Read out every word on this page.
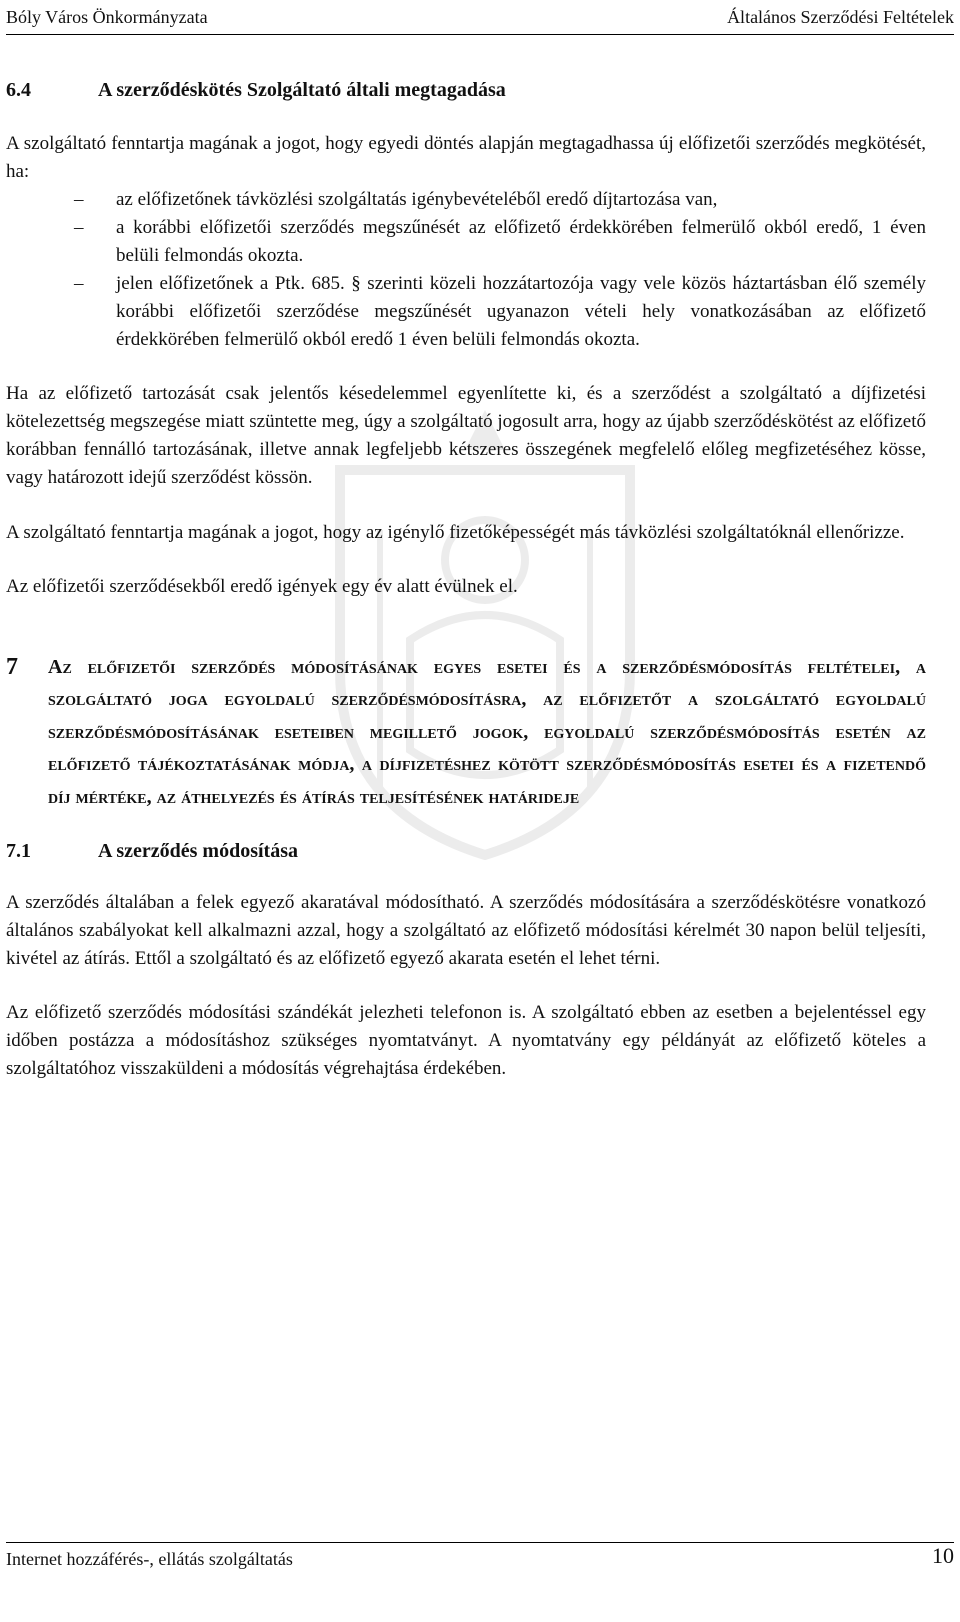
Bóly Város Önkormányzata	Általános Szerződési Feltételek
6.4	A szerződéskötés Szolgáltató általi megtagadása

A szolgáltató fenntartja magának a jogot, hogy egyedi döntés alapján megtagadhassa új előfizetői szerződés megkötését, ha:

– az előfizetőnek távközlési szolgáltatás igénybevételéből eredő díjtartozása van,
– a korábbi előfizetői szerződés megszűnését az előfizető érdekkörében felmerülő okból eredő, 1 éven belüli felmondás okozta.
– jelen előfizetőnek a Ptk. 685. § szerinti közeli hozzátartozója vagy vele közös háztartásban élő személy korábbi előfizetői szerződése megszűnését ugyanazon vételi hely vonatkozásában az előfizető érdekkörében felmerülő okból eredő 1 éven belüli felmondás okozta.

Ha az előfizető tartozását csak jelentős késedelemmel egyenlítette ki, és a szerződést a szolgáltató a díjfizetési kötelezettség megszegése miatt szüntette meg, úgy a szolgáltató jogosult arra, hogy az újabb szerződéskötést az előfizető korábban fennálló tartozásának, illetve annak legfeljebb kétszeres összegének megfelelő előleg megfizetéséhez kösse, vagy határozott idejű szerződést kössön.

A szolgáltató fenntartja magának a jogot, hogy az igénylő fizetőképességét más távközlési szolgáltatóknál ellenőrizze.

Az előfizetői szerződésekből eredő igények egy év alatt évülnek el.

7	Az előfizetői szerződés módosításának egyes esetei és a szerződésmódosítás feltételei, a szolgáltató joga egyoldalú szerződésmódosításra, az előfizetőt a szolgáltató egyoldalú szerződésmódosításának eseteiben megillető jogok, egyoldalú szerződésmódosítás esetén az előfizető tájékoztatásának módja, a díjfizetéshez kötött szerződésmódosítás esetei és a fizetendő díj mértéke, az áthelyezés és átírás teljesítésének határideje
7.1	A szerződés módosítása

A szerződés általában a felek egyező akaratával módosítható. A szerződés módosítására a szerződéskötésre vonatkozó általános szabályokat kell alkalmazni azzal, hogy a szolgáltató az előfizető módosítási kérelmét 30 napon belül teljesíti, kivétel az átírás. Ettől a szolgáltató és az előfizető egyező akarata esetén el lehet térni.

Az előfizető szerződés módosítási szándékát jelezheti telefonon is. A szolgáltató ebben az esetben a bejelentéssel egy időben postázza a módosításhoz szükséges nyomtatványt. A nyomtatvány egy példányát az előfizető köteles a szolgáltatóhoz visszaküldeni a módosítás végrehajtása érdekében.

Internet hozzáférés-, ellátás szolgáltatás	10
